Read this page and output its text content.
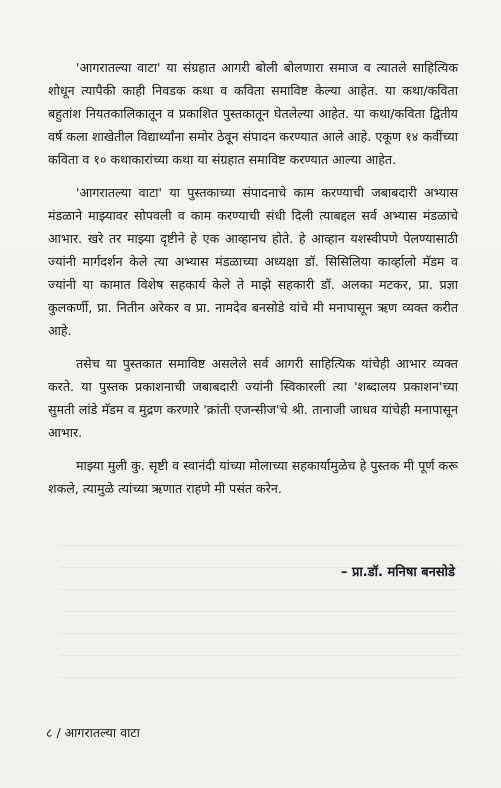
'आगरातल्या वाटा' या संग्रहात आगरी बोली बोलणारा समाज व त्यातले साहित्यिक शोधून त्यापैकी काही निवडक कथा व कविता समाविष्ट केल्या आहेत. या कथा/कविता बहुतांश नियतकालिकातून व प्रकाशित पुस्तकातून घेतलेल्या आहेत. या कथा/कविता द्वितीय वर्ष कला शाखेतील विद्यार्थ्यांना समोर ठेवून संपादन करण्यात आले आहे. एकूण १४ कवींच्या कविता व १० कथाकारांच्या कथा या संग्रहात समाविष्ट करण्यात आल्या आहेत.

'आगरातल्या वाटा' या पुस्तकाच्या संपादनाचे काम करण्याची जबाबदारी अभ्यास मंडळाने माझ्यावर सोपवली व काम करण्याची संधी दिली त्याबद्दल सर्व अभ्यास मंडळाचे आभार. खरे तर माझ्या दृष्टीने हे एक आव्हानच होते. हे आव्हान यशस्वीपणे पेलण्यासाठी ज्यांनी मार्गदर्शन केले त्या अभ्यास मंडळाच्या अध्यक्षा डॉ. सिसिलिया कार्व्हालो मॅडम व ज्यांनी या कामात विशेष सहकार्य केले ते माझे सहकारी डॉ. अलका मटकर, प्रा. प्रज्ञा कुलकर्णी, प्रा. नितीन अरेकर व प्रा. नामदेव बनसोडे यांचे मी मनापासून ऋण व्यक्त करीत आहे.

तसेच या पुस्तकात समाविष्ट असलेले सर्व आगरी साहित्यिक यांचेही आभार व्यक्त करते. या पुस्तक प्रकाशनाची जबाबदारी ज्यांनी स्विकारली त्या 'शब्दालय प्रकाशन'च्या सुमती लांडे मॅडम व मुद्रण करणारे 'क्रांती एजन्सीज'चे श्री. तानाजी जाधव यांचेही मनापासून आभार.

माझ्या मुली कु. सृष्टी व स्वानंदी यांच्या मोलाच्या सहकार्यामुळेच हे पुस्तक मी पूर्ण करू शकले, त्यामुळे त्यांच्या ऋणात राहणे मी पसंत करेन.

– प्रा.डॉ. मनिषा बनसोडे
८ / आगरातल्या वाटा
